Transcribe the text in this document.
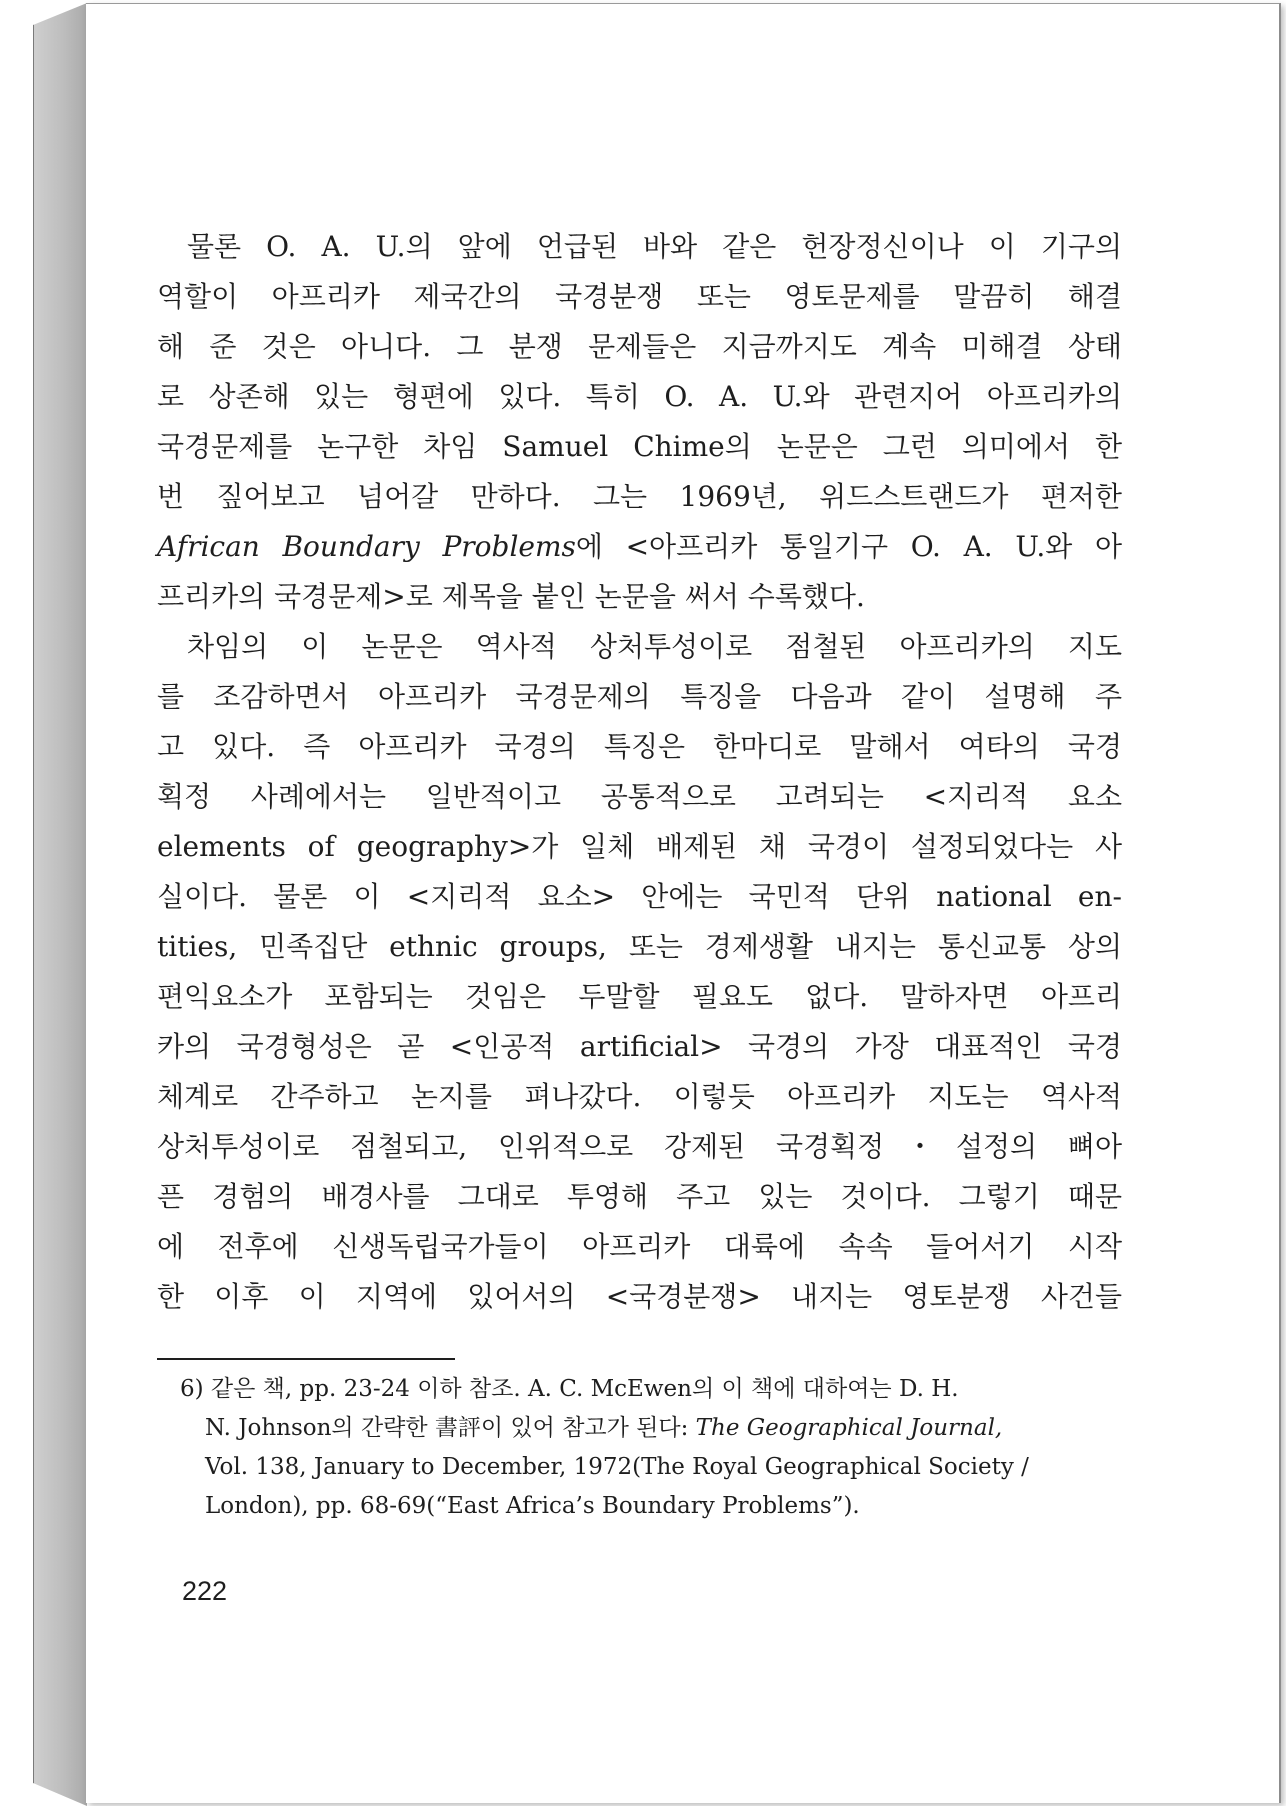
물론 O. A. U.의 앞에 언급된 바와 같은 헌장정신이나 이 기구의
역할이 아프리카 제국간의 국경분쟁 또는 영토문제를 말끔히 해결
해 준 것은 아니다. 그 분쟁 문제들은 지금까지도 계속 미해결 상태
로 상존해 있는 형편에 있다. 특히 O. A. U.와 관련지어 아프리카의
국경문제를 논구한 차임 Samuel Chime의 논문은 그런 의미에서 한
번 짚어보고 넘어갈 만하다. 그는 1969년, 위드스트랜드가 편저한
African Boundary Problems에 <아프리카 통일기구 O. A. U.와 아
프리카의 국경문제>로 제목을 붙인 논문을 써서 수록했다.
차임의 이 논문은 역사적 상처투성이로 점철된 아프리카의 지도
를 조감하면서 아프리카 국경문제의 특징을 다음과 같이 설명해 주
고 있다. 즉 아프리카 국경의 특징은 한마디로 말해서 여타의 국경
획정 사례에서는 일반적이고 공통적으로 고려되는 <지리적 요소
elements of geography>가 일체 배제된 채 국경이 설정되었다는 사
실이다. 물론 이 <지리적 요소> 안에는 국민적 단위 national en-
tities, 민족집단 ethnic groups, 또는 경제생활 내지는 통신교통 상의
편익요소가 포함되는 것임은 두말할 필요도 없다. 말하자면 아프리
카의 국경형성은 곧 <인공적 artificial> 국경의 가장 대표적인 국경
체계로 간주하고 논지를 펴나갔다. 이렇듯 아프리카 지도는 역사적
상처투성이로 점철되고, 인위적으로 강제된 국경획정・설정의 뼈아
픈 경험의 배경사를 그대로 투영해 주고 있는 것이다. 그렇기 때문
에 전후에 신생독립국가들이 아프리카 대륙에 속속 들어서기 시작
한 이후 이 지역에 있어서의 <국경분쟁> 내지는 영토분쟁 사건들
6) 같은 책, pp. 23-24 이하 참조. A. C. McEwen의 이 책에 대하여는 D. H.
N. Johnson의 간략한 書評이 있어 참고가 된다: The Geographical Journal,
Vol. 138, January to December, 1972(The Royal Geographical Society /
London), pp. 68-69(“East Africa’s Boundary Problems”).
222
